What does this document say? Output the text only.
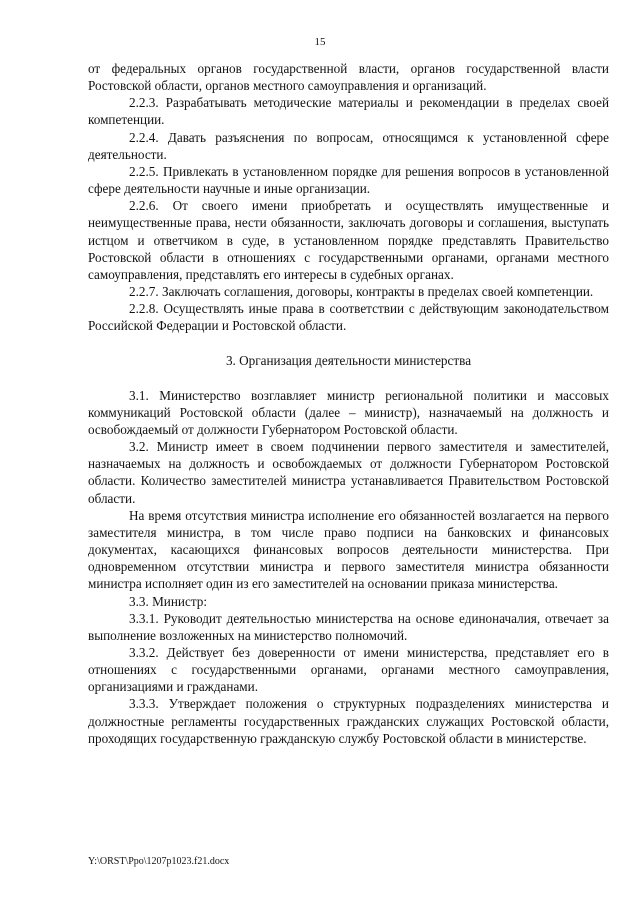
15

от федеральных органов государственной власти, органов государственной власти Ростовской области, органов местного самоуправления и организаций.

2.2.3. Разрабатывать методические материалы и рекомендации в пределах своей компетенции.

2.2.4. Давать разъяснения по вопросам, относящимся к установленной сфере деятельности.

2.2.5. Привлекать в установленном порядке для решения вопросов в установленной сфере деятельности научные и иные организации.

2.2.6. От своего имени приобретать и осуществлять имущественные и неимущественные права, нести обязанности, заключать договоры и соглашения, выступать истцом и ответчиком в суде, в установленном порядке представлять Правительство Ростовской области в отношениях с государственными органами, органами местного самоуправления, представлять его интересы в судебных органах.

2.2.7. Заключать соглашения, договоры, контракты в пределах своей компетенции.

2.2.8. Осуществлять иные права в соответствии с действующим законодательством Российской Федерации и Ростовской области.

3. Организация деятельности министерства

3.1. Министерство возглавляет министр региональной политики и массовых коммуникаций Ростовской области (далее – министр), назначаемый на должность и освобождаемый от должности Губернатором Ростовской области.

3.2. Министр имеет в своем подчинении первого заместителя и заместителей, назначаемых на должность и освобождаемых от должности Губернатором Ростовской области. Количество заместителей министра устанавливается Правительством Ростовской области.

На время отсутствия министра исполнение его обязанностей возлагается на первого заместителя министра, в том числе право подписи на банковских и финансовых документах, касающихся финансовых вопросов деятельности министерства. При одновременном отсутствии министра и первого заместителя министра обязанности министра исполняет один из его заместителей на основании приказа министерства.

3.3. Министр:

3.3.1. Руководит деятельностью министерства на основе единоначалия, отвечает за выполнение возложенных на министерство полномочий.

3.3.2. Действует без доверенности от имени министерства, представляет его в отношениях с государственными органами, органами местного самоуправления, организациями и гражданами.

3.3.3. Утверждает положения о структурных подразделениях министерства и должностные регламенты государственных гражданских служащих Ростовской области, проходящих государственную гражданскую службу Ростовской области в министерстве.

Y:\ORST\Ppo\1207p1023.f21.docx
